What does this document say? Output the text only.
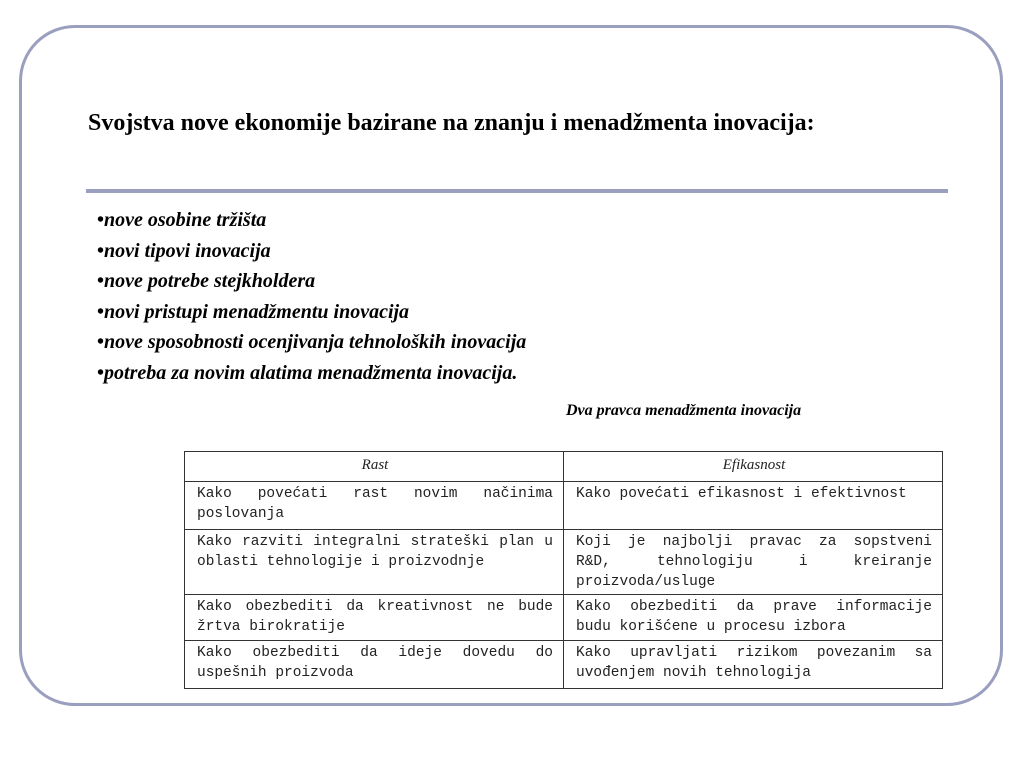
Svojstva nove ekonomije bazirane na znanju i menadžmenta inovacija:
•nove osobine tržišta
•novi tipovi inovacija
•nove potrebe stejkholdera
•novi pristupi menadžmentu inovacija
•nove sposobnosti ocenjivanja tehnoloških inovacija
•potreba za novim alatima menadžmenta inovacija.
Dva pravca menadžmenta inovacija
Rast	Efikasnost
Kako povećati rast novim načinima poslovanja	Kako povećati efikasnost i efektivnost
Kako razviti integralni strateški plan u oblasti tehnologije i proizvodnje	Koji je najbolji pravac za sopstveni R&D, tehnologiju i kreiranje proizvoda/usluge
Kako obezbediti da kreativnost ne bude žrtva birokratije	Kako obezbediti da prave informacije budu korišćene u procesu izbora
Kako obezbediti da ideje dovedu do uspešnih proizvoda	Kako upravljati rizikom povezanim sa uvođenjem novih tehnologija
